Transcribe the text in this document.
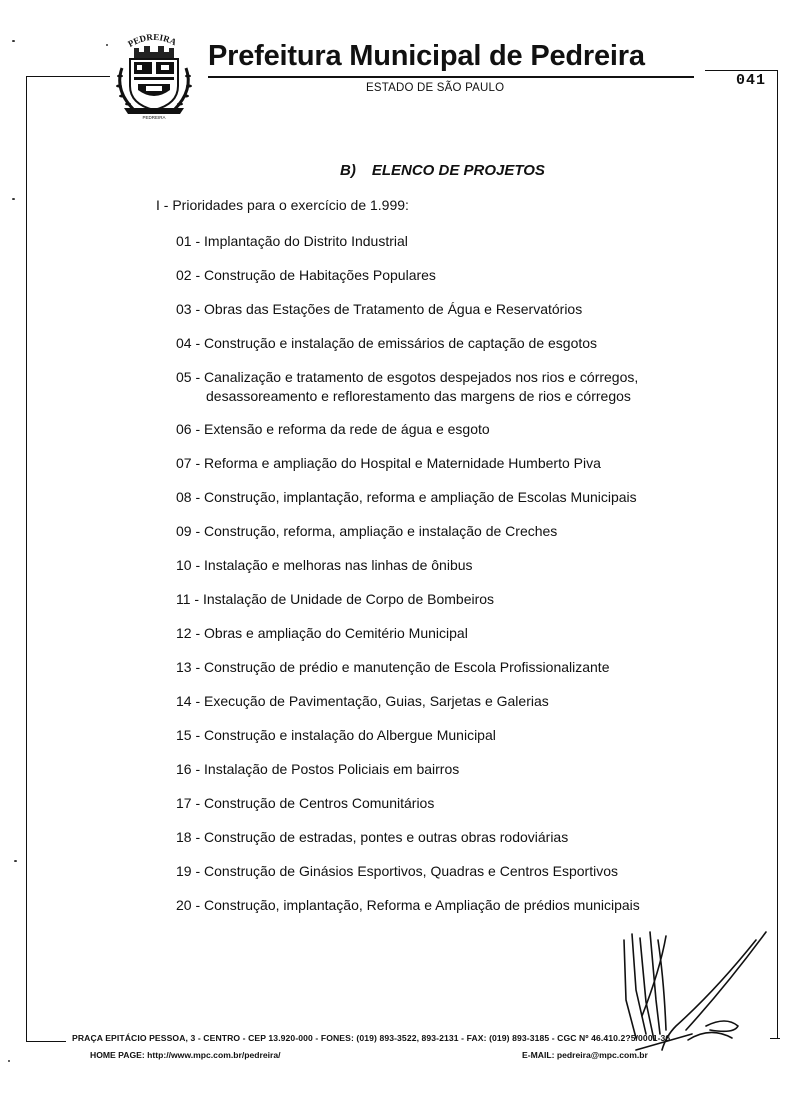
PEDREIRA
PEDREIRA
Prefeitura Municipal de Pedreira
ESTADO DE SÃO PAULO	041
B) ELENCO DE PROJETOS
I - Prioridades para o exercício de 1.999:
01 - Implantação do Distrito Industrial
02 - Construção de Habitações Populares
03 - Obras das Estações de Tratamento de Água e Reservatórios
04 - Construção e instalação de emissários de captação de esgotos
05 - Canalização e tratamento de esgotos despejados nos rios e córregos,
desassoreamento e reflorestamento das margens de rios e córregos
06 - Extensão e reforma da rede de água e esgoto
07 - Reforma e ampliação do Hospital e Maternidade Humberto Piva
08 - Construção, implantação, reforma e ampliação de Escolas Municipais
09 - Construção, reforma, ampliação e instalação de Creches
10 - Instalação e melhoras nas linhas de ônibus
11 - Instalação de Unidade de Corpo de Bombeiros
12 - Obras e ampliação do Cemitério Municipal
13 - Construção de prédio e manutenção de Escola Profissionalizante
14 - Execução de Pavimentação, Guias, Sarjetas e Galerias
15 - Construção e instalação do Albergue Municipal
16 - Instalação de Postos Policiais em bairros
17 - Construção de Centros Comunitários
18 - Construção de estradas, pontes e outras obras rodoviárias
19 - Construção de Ginásios Esportivos, Quadras e Centros Esportivos
20 - Construção, implantação, Reforma e Ampliação de prédios municipais
PRAÇA EPITÁCIO PESSOA, 3 - CENTRO - CEP 13.920-000 - FONES: (019) 893-3522, 893-2131 - FAX: (019) 893-3185 - CGC Nº 46.410.2?5/0001-36
HOME PAGE: http://www.mpc.com.br/pedreira/	E-MAIL: pedreira@mpc.com.br
